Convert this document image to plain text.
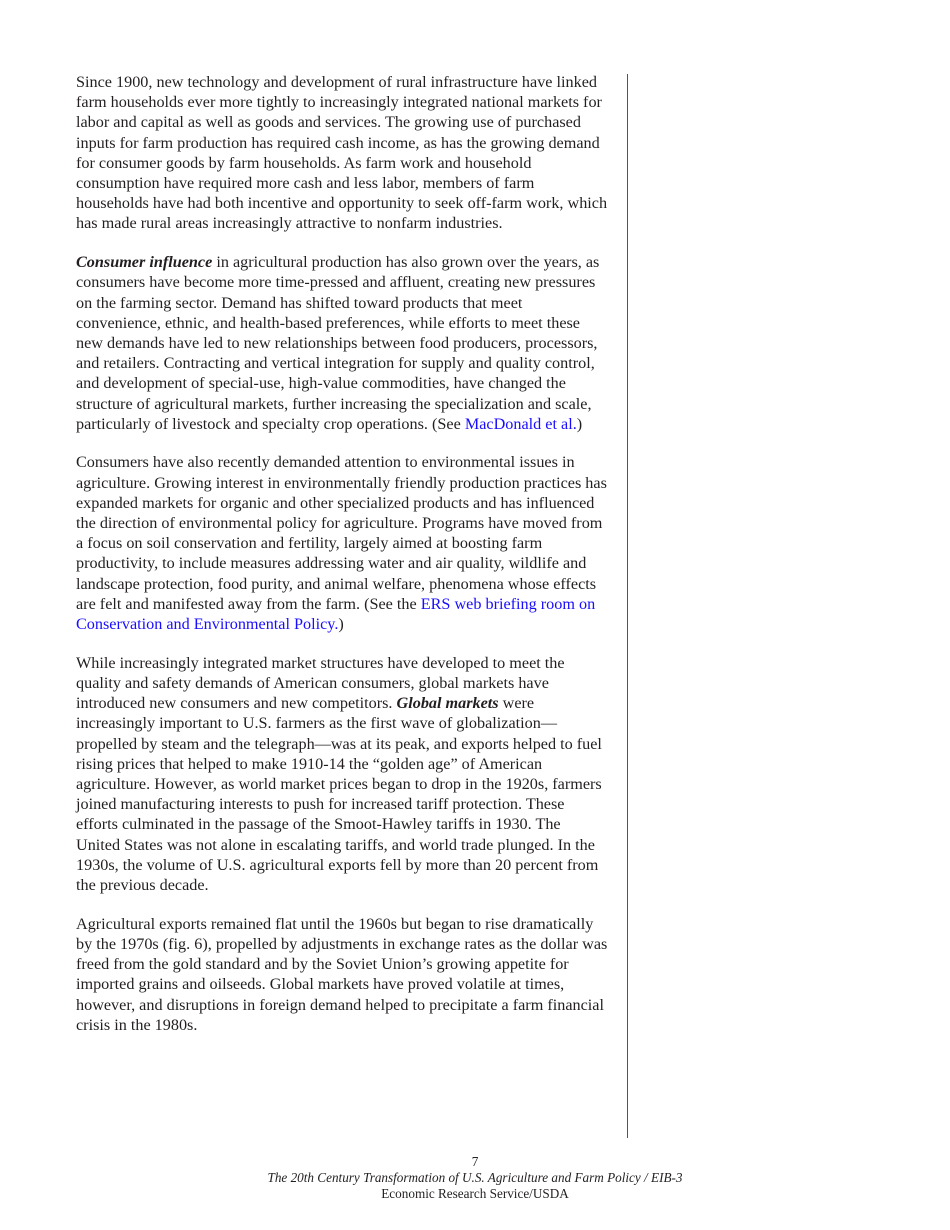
Since 1900, new technology and development of rural infrastructure have linked farm households ever more tightly to increasingly integrated national markets for labor and capital as well as goods and services. The growing use of purchased inputs for farm production has required cash income, as has the growing demand for consumer goods by farm households. As farm work and household consumption have required more cash and less labor, members of farm households have had both incentive and opportunity to seek off-farm work, which has made rural areas increasingly attractive to nonfarm industries.

Consumer influence in agricultural production has also grown over the years, as consumers have become more time-pressed and affluent, creating new pressures on the farming sector. Demand has shifted toward products that meet convenience, ethnic, and health-based preferences, while efforts to meet these new demands have led to new relationships between food producers, processors, and retailers. Contracting and vertical integration for supply and quality control, and development of special-use, high-value commodities, have changed the structure of agricultural markets, further increasing the specialization and scale, particularly of livestock and specialty crop operations. (See MacDonald et al.)

Consumers have also recently demanded attention to environmental issues in agriculture. Growing interest in environmentally friendly production practices has expanded markets for organic and other specialized products and has influenced the direction of environmental policy for agriculture. Programs have moved from a focus on soil conservation and fertility, largely aimed at boosting farm productivity, to include measures addressing water and air quality, wildlife and landscape protection, food purity, and animal welfare, phenomena whose effects are felt and manifested away from the farm. (See the ERS web briefing room on Conservation and Environmental Policy.)

While increasingly integrated market structures have developed to meet the quality and safety demands of American consumers, global markets have introduced new consumers and new competitors. Global markets were increasingly important to U.S. farmers as the first wave of globalization—propelled by steam and the telegraph—was at its peak, and exports helped to fuel rising prices that helped to make 1910-14 the “golden age” of American agriculture. However, as world market prices began to drop in the 1920s, farmers joined manufacturing interests to push for increased tariff protection. These efforts culminated in the passage of the Smoot-Hawley tariffs in 1930. The United States was not alone in escalating tariffs, and world trade plunged. In the 1930s, the volume of U.S. agricultural exports fell by more than 20 percent from the previous decade.

Agricultural exports remained flat until the 1960s but began to rise dramatically by the 1970s (fig. 6), propelled by adjustments in exchange rates as the dollar was freed from the gold standard and by the Soviet Union’s growing appetite for imported grains and oilseeds. Global markets have proved volatile at times, however, and disruptions in foreign demand helped to precipitate a farm financial crisis in the 1980s.

7
The 20th Century Transformation of U.S. Agriculture and Farm Policy / EIB-3
Economic Research Service/USDA
